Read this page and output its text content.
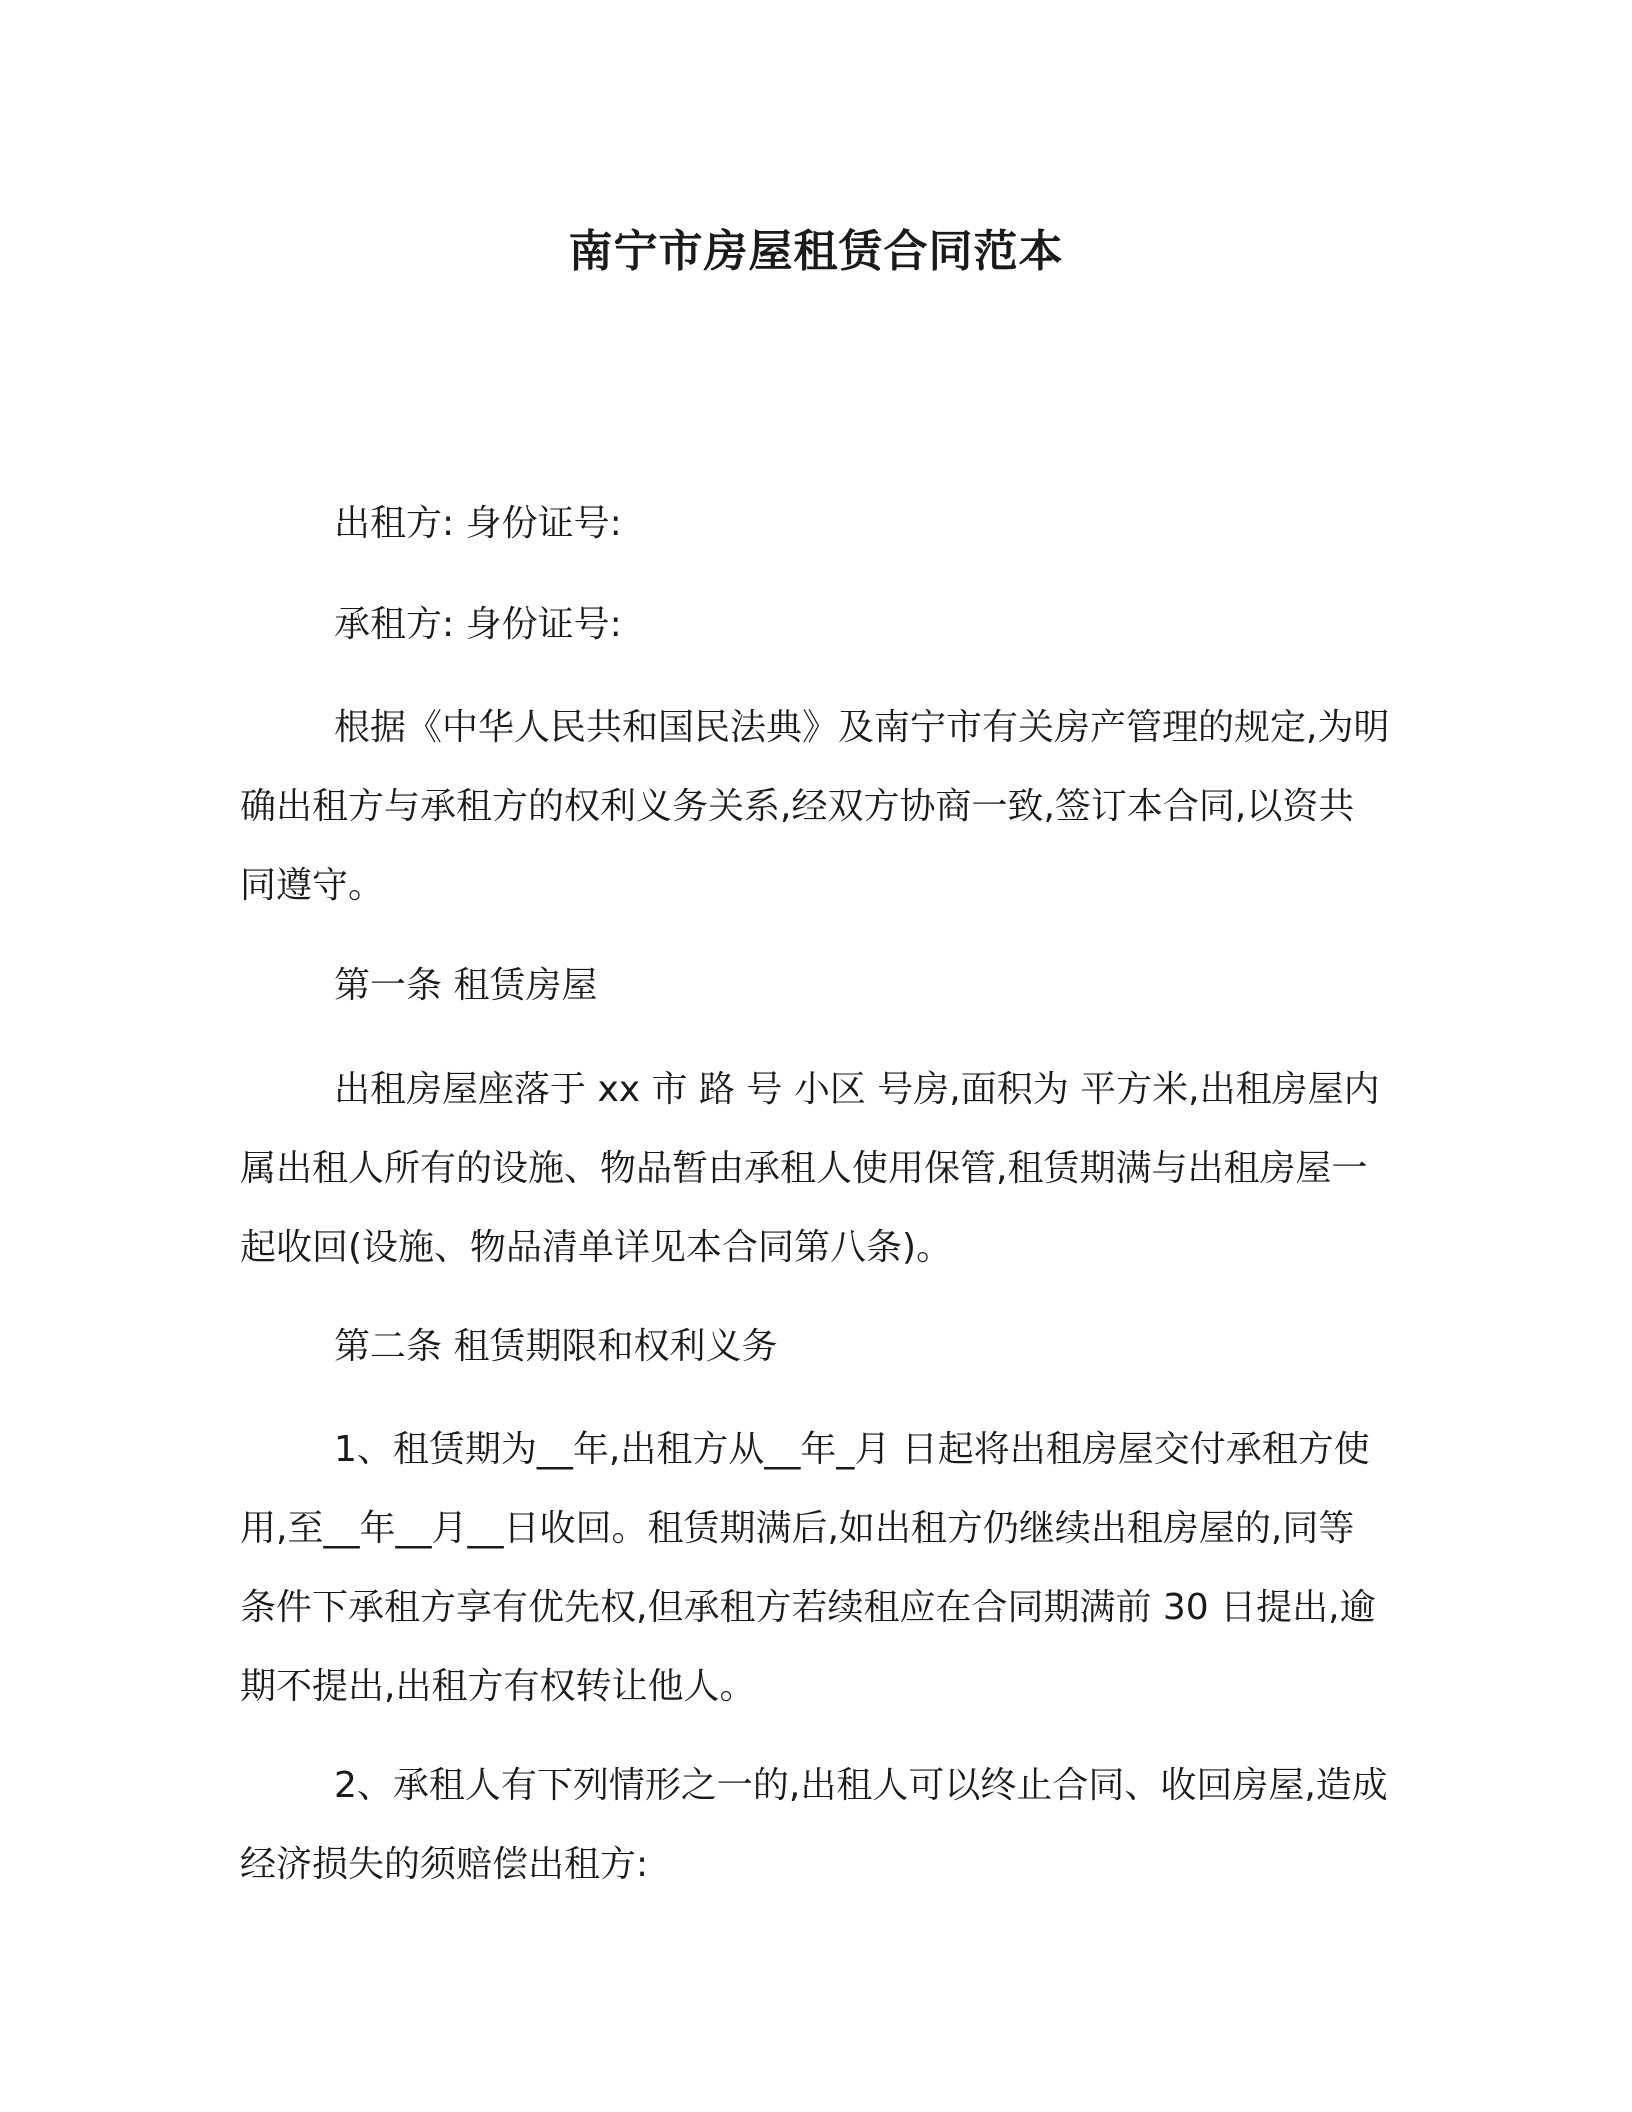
南宁市房屋租赁合同范本

出租方: 身份证号:

承租方: 身份证号:

根据《中华人民共和国民法典》及南宁市有关房产管理的规定,为明确出租方与承租方的权利义务关系,经双方协商一致,签订本合同,以资共同遵守。

第一条 租赁房屋

出租房屋座落于 xx 市 路 号 小区 号房,面积为 平方米,出租房屋内属出租人所有的设施、物品暂由承租人使用保管,租赁期满与出租房屋一起收回(设施、物品清单详见本合同第八条)。

第二条 租赁期限和权利义务

1、租赁期为__年,出租方从__年_月 日起将出租房屋交付承租方使用,至__年__月__日收回。租赁期满后,如出租方仍继续出租房屋的,同等条件下承租方享有优先权,但承租方若续租应在合同期满前 30 日提出,逾期不提出,出租方有权转让他人。

2、承租人有下列情形之一的,出租人可以终止合同、收回房屋,造成经济损失的须赔偿出租方:
